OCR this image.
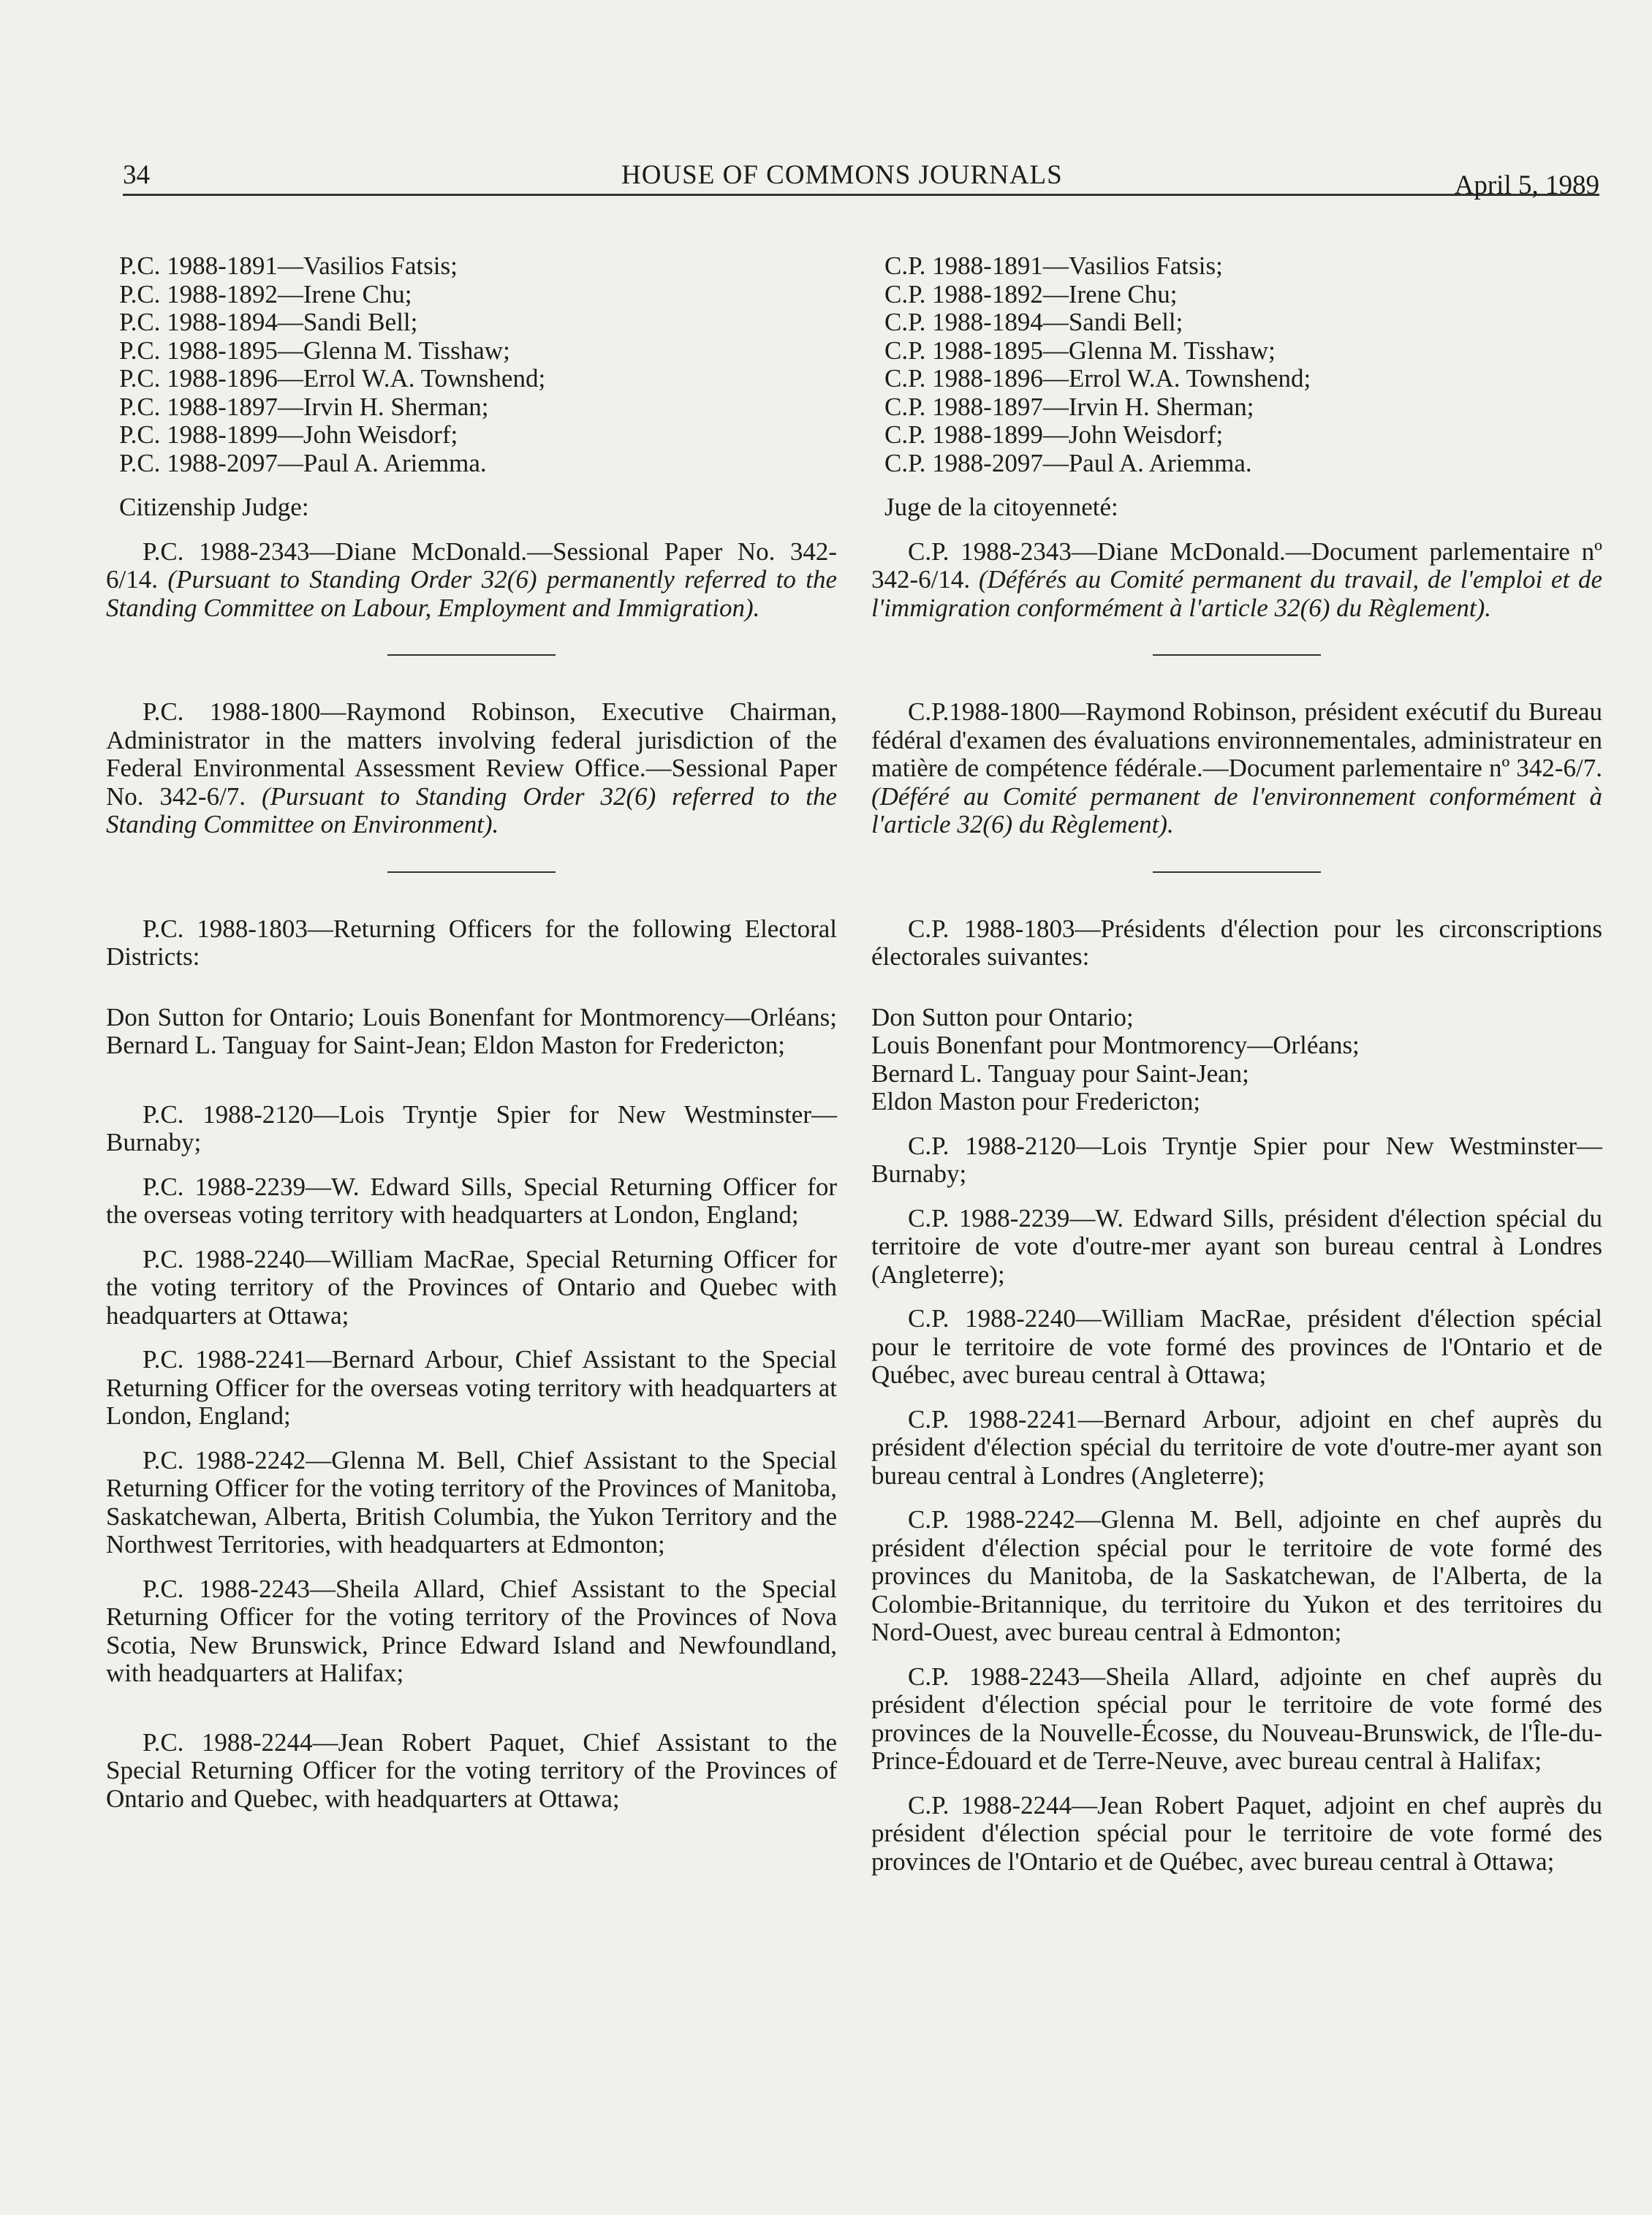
34	HOUSE OF COMMONS JOURNALS	April 5, 1989
P.C. 1988-1891—Vasilios Fatsis;
P.C. 1988-1892—Irene Chu;
P.C. 1988-1894—Sandi Bell;
P.C. 1988-1895—Glenna M. Tisshaw;
P.C. 1988-1896—Errol W.A. Townshend;
P.C. 1988-1897—Irvin H. Sherman;
P.C. 1988-1899—John Weisdorf;
P.C. 1988-2097—Paul A. Ariemma.
Citizenship Judge:

P.C. 1988-2343—Diane McDonald.—Sessional Paper No. 342-6/14. (Pursuant to Standing Order 32(6) permanently referred to the Standing Committee on Labour, Employment and Immigration).

P.C. 1988-1800—Raymond Robinson, Executive Chairman, Administrator in the matters involving federal jurisdiction of the Federal Environmental Assessment Review Office.—Sessional Paper No. 342-6/7. (Pursuant to Standing Order 32(6) referred to the Standing Committee on Environment).

P.C. 1988-1803—Returning Officers for the following Electoral Districts:

Don Sutton for Ontario; Louis Bonenfant for Montmorency—Orléans; Bernard L. Tanguay for Saint-Jean; Eldon Maston for Fredericton;

P.C. 1988-2120—Lois Tryntje Spier for New Westminster—Burnaby;

P.C. 1988-2239—W. Edward Sills, Special Returning Officer for the overseas voting territory with headquarters at London, England;

P.C. 1988-2240—William MacRae, Special Returning Officer for the voting territory of the Provinces of Ontario and Quebec with headquarters at Ottawa;

P.C. 1988-2241—Bernard Arbour, Chief Assistant to the Special Returning Officer for the overseas voting territory with headquarters at London, England;

P.C. 1988-2242—Glenna M. Bell, Chief Assistant to the Special Returning Officer for the voting territory of the Provinces of Manitoba, Saskatchewan, Alberta, British Columbia, the Yukon Territory and the Northwest Territories, with headquarters at Edmonton;

P.C. 1988-2243—Sheila Allard, Chief Assistant to the Special Returning Officer for the voting territory of the Provinces of Nova Scotia, New Brunswick, Prince Edward Island and Newfoundland, with headquarters at Halifax;

P.C. 1988-2244—Jean Robert Paquet, Chief Assistant to the Special Returning Officer for the voting territory of the Provinces of Ontario and Quebec, with headquarters at Ottawa;

C.P. 1988-1891—Vasilios Fatsis;
C.P. 1988-1892—Irene Chu;
C.P. 1988-1894—Sandi Bell;
C.P. 1988-1895—Glenna M. Tisshaw;
C.P. 1988-1896—Errol W.A. Townshend;
C.P. 1988-1897—Irvin H. Sherman;
C.P. 1988-1899—John Weisdorf;
C.P. 1988-2097—Paul A. Ariemma.
Juge de la citoyenneté:

C.P. 1988-2343—Diane McDonald.—Document parlementaire nº 342-6/14. (Déférés au Comité permanent du travail, de l'emploi et de l'immigration conformément à l'article 32(6) du Règlement).

C.P.1988-1800—Raymond Robinson, président exécutif du Bureau fédéral d'examen des évaluations environnementales, administrateur en matière de compétence fédérale.—Document parlementaire nº 342-6/7. (Déféré au Comité permanent de l'environnement conformément à l'article 32(6) du Règlement).

C.P. 1988-1803—Présidents d'élection pour les circonscriptions électorales suivantes:

Don Sutton pour Ontario;
Louis Bonenfant pour Montmorency—Orléans;
Bernard L. Tanguay pour Saint-Jean;
Eldon Maston pour Fredericton;

C.P. 1988-2120—Lois Tryntje Spier pour New Westminster—Burnaby;

C.P. 1988-2239—W. Edward Sills, président d'élection spécial du territoire de vote d'outre-mer ayant son bureau central à Londres (Angleterre);

C.P. 1988-2240—William MacRae, président d'élection spécial pour le territoire de vote formé des provinces de l'Ontario et de Québec, avec bureau central à Ottawa;

C.P. 1988-2241—Bernard Arbour, adjoint en chef auprès du président d'élection spécial du territoire de vote d'outre-mer ayant son bureau central à Londres (Angleterre);

C.P. 1988-2242—Glenna M. Bell, adjointe en chef auprès du président d'élection spécial pour le territoire de vote formé des provinces du Manitoba, de la Saskatchewan, de l'Alberta, de la Colombie-Britannique, du territoire du Yukon et des territoires du Nord-Ouest, avec bureau central à Edmonton;

C.P. 1988-2243—Sheila Allard, adjointe en chef auprès du président d'élection spécial pour le territoire de vote formé des provinces de la Nouvelle-Écosse, du Nouveau-Brunswick, de l'Île-du-Prince-Édouard et de Terre-Neuve, avec bureau central à Halifax;

C.P. 1988-2244—Jean Robert Paquet, adjoint en chef auprès du président d'élection spécial pour le territoire de vote formé des provinces de l'Ontario et de Québec, avec bureau central à Ottawa;
